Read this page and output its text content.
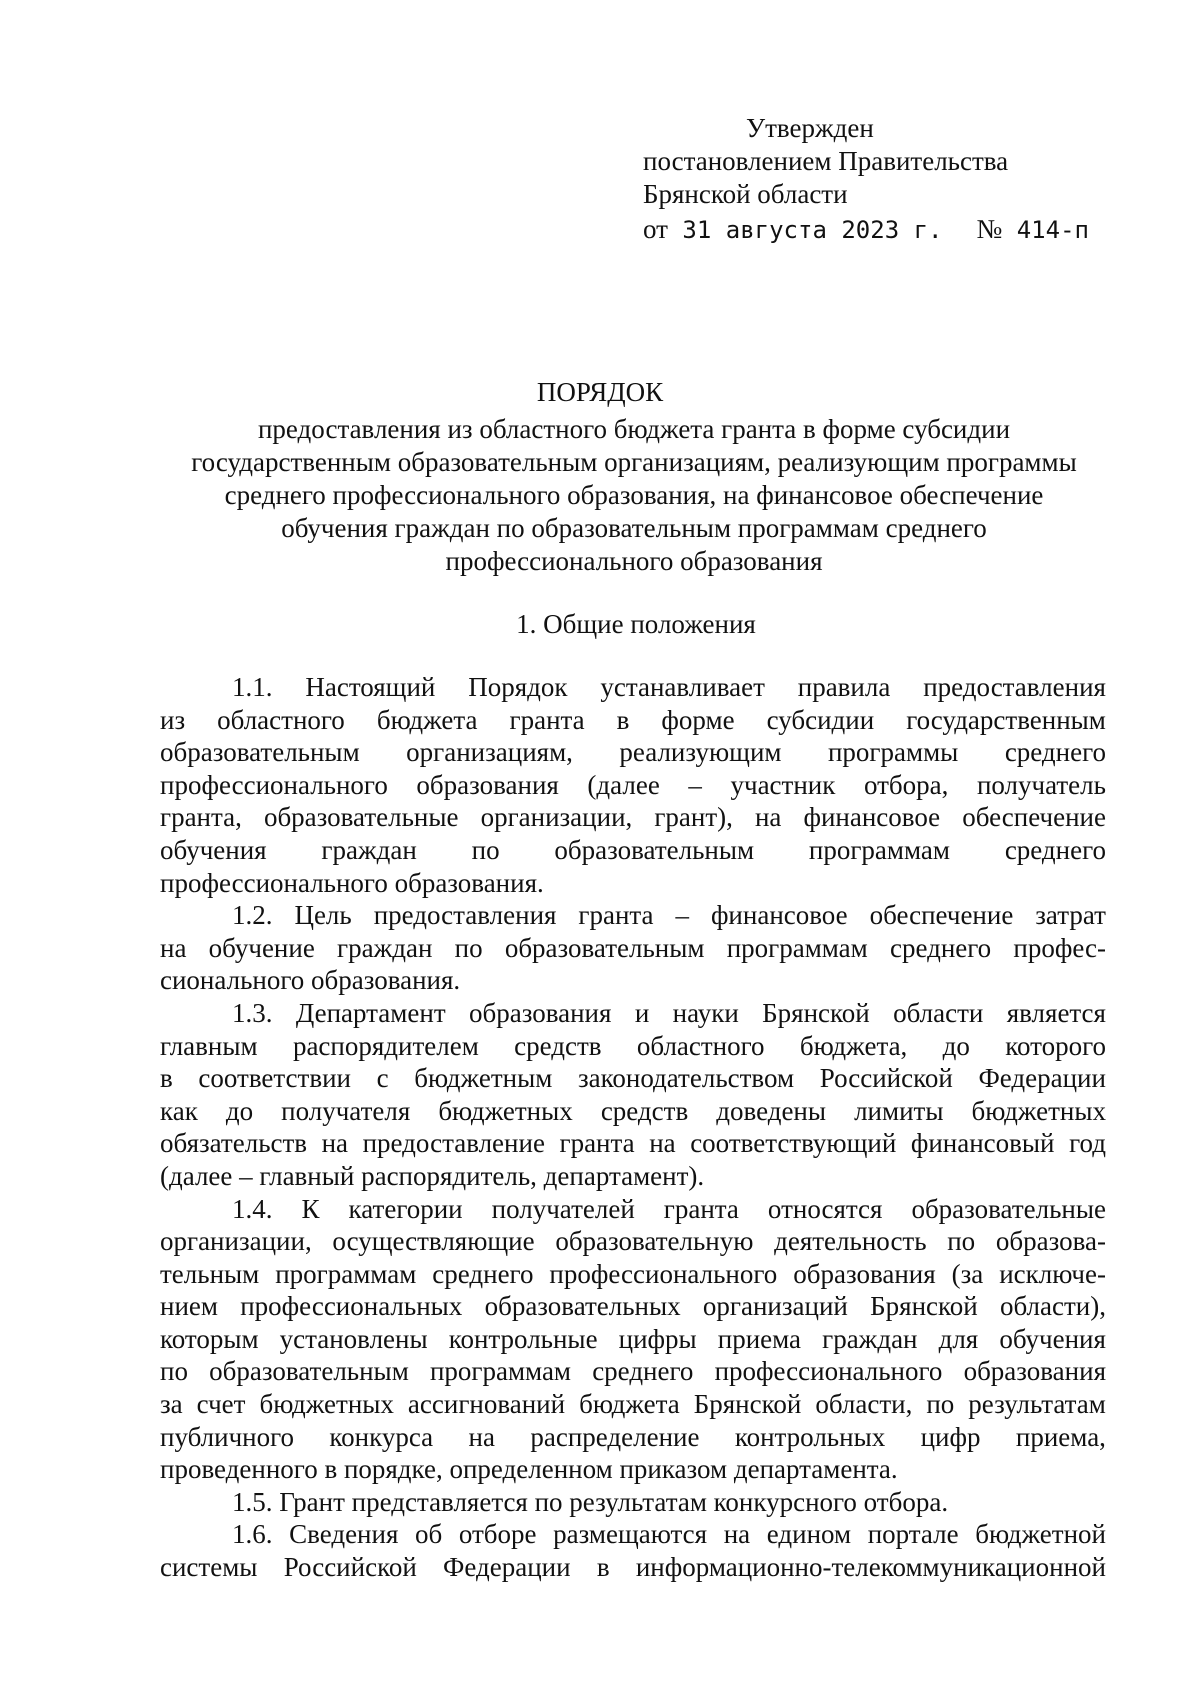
Утвержден
постановлением Правительства
Брянской области
от 31 августа 2023 г. № 414-п
ПОРЯДОК
предоставления из областного бюджета гранта в форме субсидии
государственным образовательным организациям, реализующим программы
среднего профессионального образования, на финансовое обеспечение
обучения граждан по образовательным программам среднего
профессионального образования
1. Общие положения
1.1. Настоящий Порядок устанавливает правила предоставления
из областного бюджета гранта в форме субсидии государственным
образовательным организациям, реализующим программы среднего
профессионального образования (далее – участник отбора, получатель
гранта, образовательные организации, грант), на финансовое обеспечение
обучения граждан по образовательным программам среднего
профессионального образования.
1.2. Цель предоставления гранта – финансовое обеспечение затрат
на обучение граждан по образовательным программам среднего профес-
сионального образования.
1.3. Департамент образования и науки Брянской области является
главным распорядителем средств областного бюджета, до которого
в соответствии с бюджетным законодательством Российской Федерации
как до получателя бюджетных средств доведены лимиты бюджетных
обязательств на предоставление гранта на соответствующий финансовый год
(далее – главный распорядитель, департамент).
1.4. К категории получателей гранта относятся образовательные
организации, осуществляющие образовательную деятельность по образова-
тельным программам среднего профессионального образования (за исключе-
нием профессиональных образовательных организаций Брянской области),
которым установлены контрольные цифры приема граждан для обучения
по образовательным программам среднего профессионального образования
за счет бюджетных ассигнований бюджета Брянской области, по результатам
публичного конкурса на распределение контрольных цифр приема,
проведенного в порядке, определенном приказом департамента.
1.5. Грант представляется по результатам конкурсного отбора.
1.6. Сведения об отборе размещаются на едином портале бюджетной
системы Российской Федерации в информационно-телекоммуникационной
